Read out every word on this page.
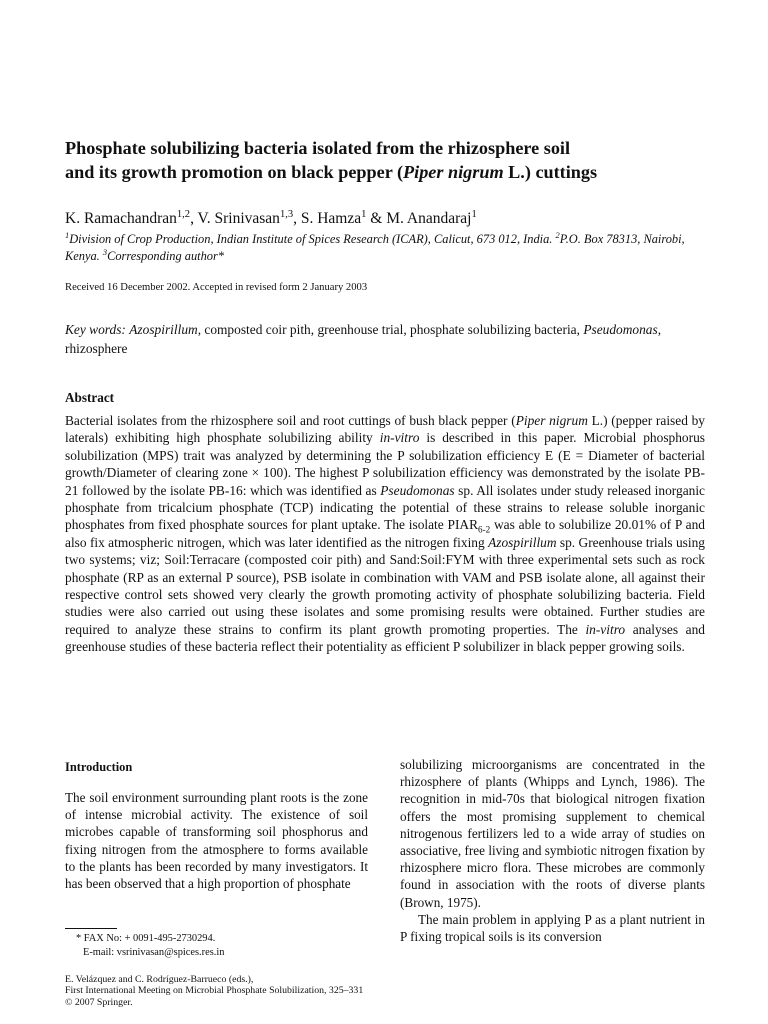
Phosphate solubilizing bacteria isolated from the rhizosphere soil
and its growth promotion on black pepper (Piper nigrum L.) cuttings
K. Ramachandran$^{1,2}$, V. Srinivasan$^{1,3}$, S. Hamza$^1$ & M. Anandaraj$^1$
$^1$Division of Crop Production, Indian Institute of Spices Research (ICAR), Calicut, 673 012, India. $^2$P.O. Box 78313, Nairobi, Kenya. $^3$Corresponding author*
Received 16 December 2002. Accepted in revised form 2 January 2003
Key words: Azospirillum, composted coir pith, greenhouse trial, phosphate solubilizing bacteria, Pseudomonas, rhizosphere
Abstract
Bacterial isolates from the rhizosphere soil and root cuttings of bush black pepper (Piper nigrum L.) (pepper raised by laterals) exhibiting high phosphate solubilizing ability in-vitro is described in this paper. Microbial phosphorus solubilization (MPS) trait was analyzed by determining the P solubilization efficiency E (E = Diameter of bacterial growth/Diameter of clearing zone × 100). The highest P solubilization efficiency was demonstrated by the isolate PB-21 followed by the isolate PB-16: which was identified as Pseudomonas sp. All isolates under study released inorganic phosphate from tricalcium phosphate (TCP) indicating the potential of these strains to release soluble inorganic phosphates from fixed phosphate sources for plant uptake. The isolate $PIAR_{6-2}$ was able to solubilize 20.01% of P and also fix atmospheric nitrogen, which was later identified as the nitrogen fixing Azospirillum sp. Greenhouse trials using two systems; viz; Soil:Terracare (composted coir pith) and Sand:Soil:FYM with three experimental sets such as rock phosphate (RP as an external P source), PSB isolate in combination with VAM and PSB isolate alone, all against their respective control sets showed very clearly the growth promoting activity of phosphate solubilizing bacteria. Field studies were also carried out using these isolates and some promising results were obtained. Further studies are required to analyze these strains to confirm its plant growth promoting properties. The in-vitro analyses and greenhouse studies of these bacteria reflect their potentiality as efficient P solubilizer in black pepper growing soils.
Introduction
The soil environment surrounding plant roots is the zone of intense microbial activity. The existence of soil microbes capable of transforming soil phosphorus and fixing nitrogen from the atmosphere to forms available to the plants has been recorded by many investigators. It has been observed that a high proportion of phosphate

solubilizing microorganisms are concentrated in the rhizosphere of plants (Whipps and Lynch, 1986). The recognition in mid-70s that biological nitrogen fixation offers the most promising supplement to chemical nitrogenous fertilizers led to a wide array of studies on associative, free living and symbiotic nitrogen fixation by rhizosphere micro flora. These microbes are commonly found in association with the roots of diverse plants (Brown, 1975).

The main problem in applying P as a plant nutrient in P fixing tropical soils is its conversion

* FAX No: + 0091-495-2730294.
E-mail: vsrinivasan@spices.res.in
E. Velázquez and C. Rodríguez-Barrueco (eds.),
First International Meeting on Microbial Phosphate Solubilization, 325–331
© 2007 Springer.
